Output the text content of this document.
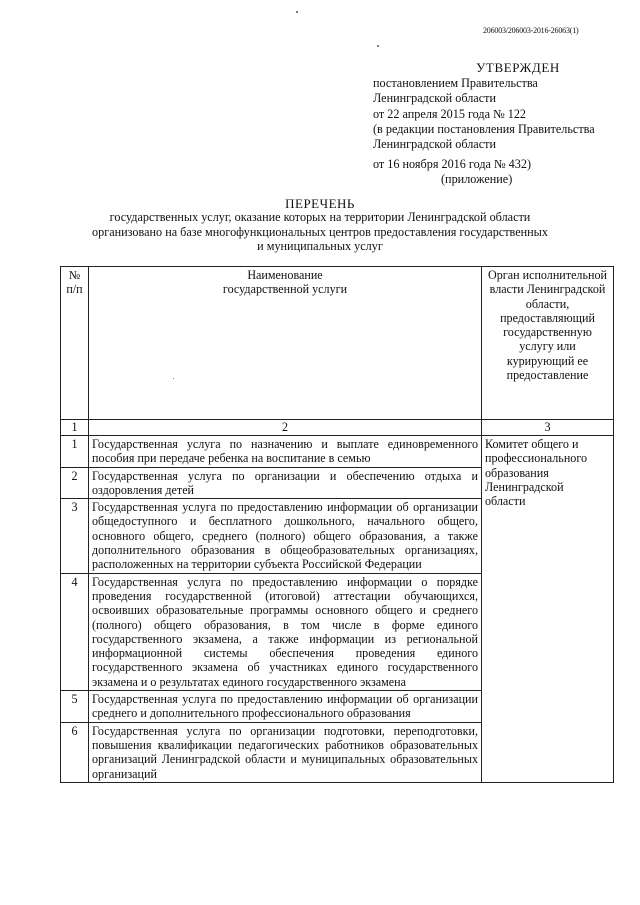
206003/206003-2016-26063(1)
УТВЕРЖДЕН
постановлением Правительства
Ленинградской области
от 22 апреля 2015 года № 122
(в редакции постановления Правительства
Ленинградской области
от 16 ноября 2016 года № 432)
(приложение)
ПЕРЕЧЕНЬ
государственных услуг, оказание которых на территории Ленинградской области
организовано на базе многофункциональных центров предоставления государственных
и муниципальных услуг
№ п/п	Наименование государственной услуги	Орган исполнительной власти Ленинградской области, предоставляющий государственную услугу или курирующий ее предоставление
1	2	3
1	Государственная услуга по назначению и выплате единовременного пособия при передаче ребенка на воспитание в семью	Комитет общего и профессионального образования Ленинградской области

2	Государственная услуга по организации и обеспечению отдыха и оздоровления детей	
3	Государственная услуга по предоставлению информации об организации общедоступного и бесплатного дошкольного, начального общего, основного общего, среднего (полного) общего образования, а также дополнительного образования в общеобразовательных организациях, расположенных на территории субъекта Российской Федерации	
4	Государственная услуга по предоставлению информации о порядке проведения государственной (итоговой) аттестации обучающихся, освоивших образовательные программы основного общего и среднего (полного) общего образования, в том числе в форме единого государственного экзамена, а также информации из региональной информационной системы обеспечения проведения единого государственного экзамена об участниках единого государственного экзамена и о результатах единого государственного экзамена	
5	Государственная услуга по предоставлению информации об организации среднего и дополнительного профессионального образования	
6	Государственная услуга по организации подготовки, переподготовки, повышения квалификации педагогических работников образовательных организаций Ленинградской области и муниципальных образовательных организаций	
